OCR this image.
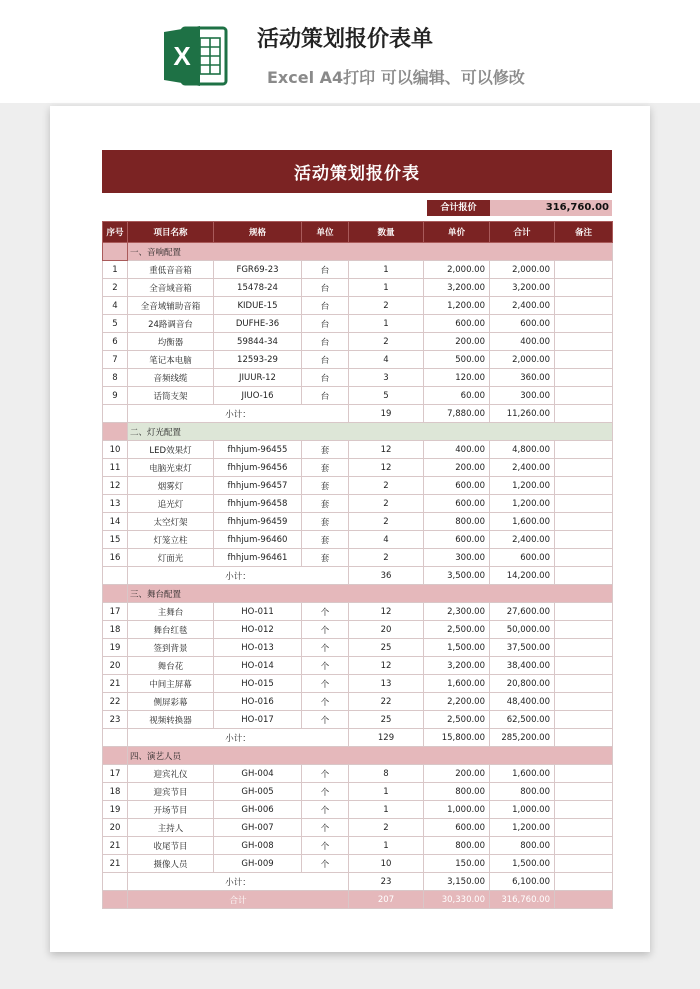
X
活动策划报价表单
Excel A4打印 可以编辑、可以修改
活动策划报价表
合计报价	316,760.00
序号	项目名称	规格	单位	数量	单价	合计	备注
	一、音响配置						
1	重低音音箱	FGR69-23	台	1	2,000.00	2,000.00	
2	全音域音箱	15478-24	台	1	3,200.00	3,200.00	
4	全音域辅助音箱	KIDUE-15	台	2	1,200.00	2,400.00	
5	24路调音台	DUFHE-36	台	1	600.00	600.00	
6	均衡器	59844-34	台	2	200.00	400.00	
7	笔记本电脑	12593-29	台	4	500.00	2,000.00	
8	音频线缆	JIUUR-12	台	3	120.00	360.00	
9	话筒支架	JIUO-16	台	5	60.00	300.00	
	小计：			19	7,880.00	11,260.00	
	二、灯光配置						
10	LED效果灯	fhhjum-96455	套	12	400.00	4,800.00	
11	电脑光束灯	fhhjum-96456	套	12	200.00	2,400.00	
12	烟雾灯	fhhjum-96457	套	2	600.00	1,200.00	
13	追光灯	fhhjum-96458	套	2	600.00	1,200.00	
14	太空灯架	fhhjum-96459	套	2	800.00	1,600.00	
15	灯笼立柱	fhhjum-96460	套	4	600.00	2,400.00	
16	灯面光	fhhjum-96461	套	2	300.00	600.00	
	小计：			36	3,500.00	14,200.00	
	三、舞台配置						
17	主舞台	HO-011	个	12	2,300.00	27,600.00	
18	舞台红毯	HO-012	个	20	2,500.00	50,000.00	
19	签到背景	HO-013	个	25	1,500.00	37,500.00	
20	舞台花	HO-014	个	12	3,200.00	38,400.00	
21	中间主屏幕	HO-015	个	13	1,600.00	20,800.00	
22	侧屏彩幕	HO-016	个	22	2,200.00	48,400.00	
23	视频转换器	HO-017	个	25	2,500.00	62,500.00	
	小计：			129	15,800.00	285,200.00	
	四、演艺人员						
17	迎宾礼仪	GH-004	个	8	200.00	1,600.00	
18	迎宾节目	GH-005	个	1	800.00	800.00	
19	开场节目	GH-006	个	1	1,000.00	1,000.00	
20	主持人	GH-007	个	2	600.00	1,200.00	
21	收尾节目	GH-008	个	1	800.00	800.00	
21	摄像人员	GH-009	个	10	150.00	1,500.00	
	小计：			23	3,150.00	6,100.00	
	合计			207	30,330.00	316,760.00	
